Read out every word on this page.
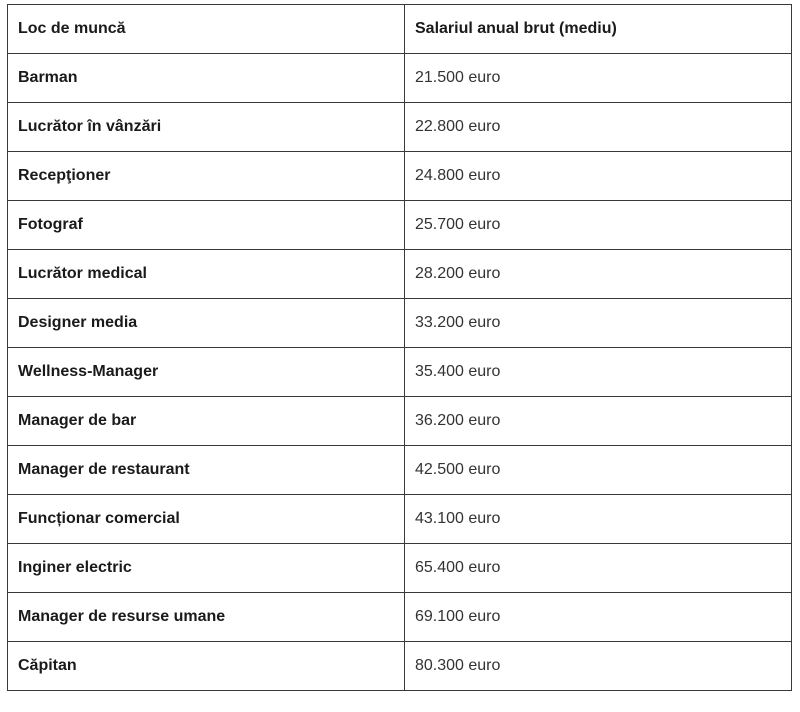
Loc de muncă	Salariul anual brut (mediu)
Barman	21.500 euro
Lucrător în vânzări	22.800 euro
Recepţioner	24.800 euro
Fotograf	25.700 euro
Lucrător medical	28.200 euro
Designer media	33.200 euro
Wellness-Manager	35.400 euro
Manager de bar	36.200 euro
Manager de restaurant	42.500 euro
Funcționar comercial	43.100 euro
Inginer electric	65.400 euro
Manager de resurse umane	69.100 euro
Căpitan	80.300 euro
